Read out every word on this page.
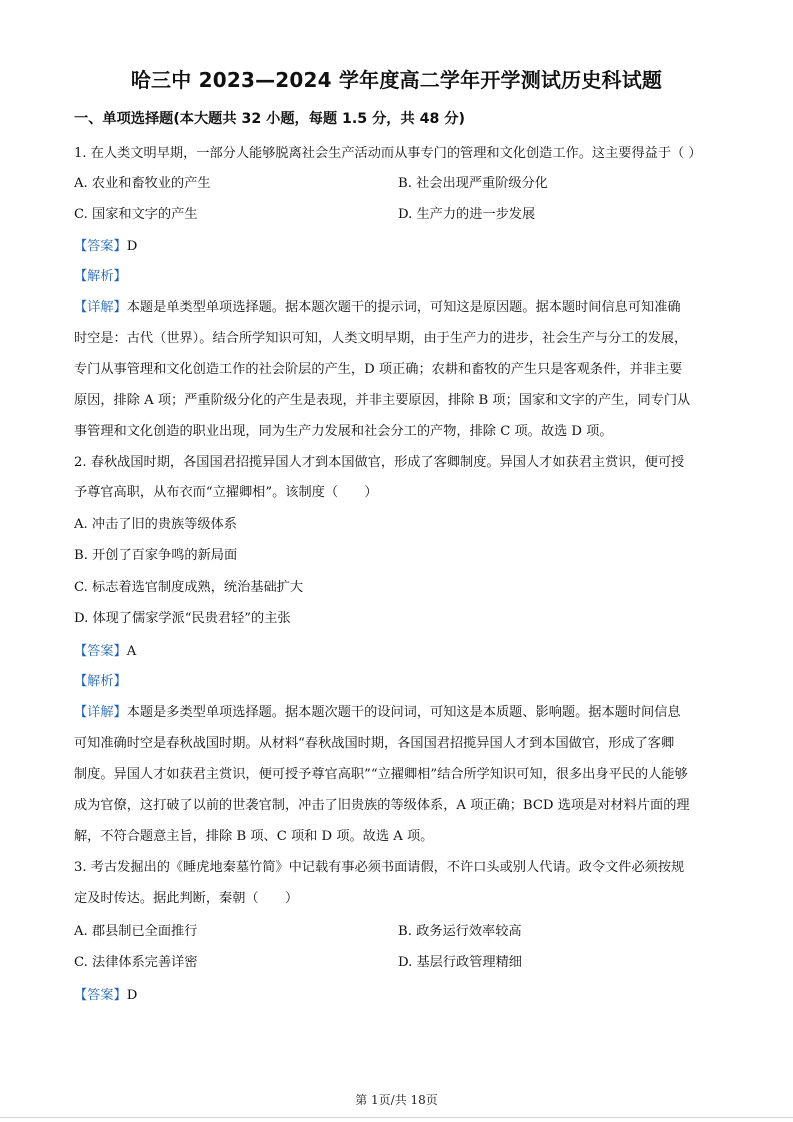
哈三中 2023—2024 学年度高二学年开学测试历史科试题
一、单项选择题(本大题共 32 小题，每题 1.5 分，共 48 分)
1. 在人类文明早期，一部分人能够脱离社会生产活动而从事专门的管理和文化创造工作。这主要得益于（ ）
A. 农业和畜牧业的产生	B. 社会出现严重阶级分化
C. 国家和文字的产生	D. 生产力的进一步发展
【答案】D
【解析】
【详解】本题是单类型单项选择题。据本题次题干的提示词，可知这是原因题。据本题时间信息可知准确
时空是：古代（世界）。结合所学知识可知，人类文明早期，由于生产力的进步，社会生产与分工的发展，
专门从事管理和文化创造工作的社会阶层的产生，D 项正确；农耕和畜牧的产生只是客观条件，并非主要
原因，排除 A 项；严重阶级分化的产生是表现，并非主要原因，排除 B 项；国家和文字的产生，同专门从
事管理和文化创造的职业出现，同为生产力发展和社会分工的产物，排除 C 项。故选 D 项。
2. 春秋战国时期，各国国君招揽异国人才到本国做官，形成了客卿制度。异国人才如获君主赏识，便可授
予尊官高职，从布衣而“立擢卿相”。该制度（　　）
A. 冲击了旧的贵族等级体系
B. 开创了百家争鸣的新局面
C. 标志着选官制度成熟，统治基础扩大
D. 体现了儒家学派“民贵君轻”的主张
【答案】A
【解析】
【详解】本题是多类型单项选择题。据本题次题干的设问词，可知这是本质题、影响题。据本题时间信息
可知准确时空是春秋战国时期。从材料“春秋战国时期，各国国君招揽异国人才到本国做官，形成了客卿
制度。异国人才如获君主赏识，便可授予尊官高职”“立擢卿相”结合所学知识可知，很多出身平民的人能够
成为官僚，这打破了以前的世袭官制，冲击了旧贵族的等级体系，A 项正确；BCD 选项是对材料片面的理
解，不符合题意主旨，排除 B 项、C 项和 D 项。故选 A 项。
3. 考古发掘出的《睡虎地秦墓竹简》中记载有事必须书面请假，不许口头或别人代请。政令文件必须按规
定及时传达。据此判断，秦朝（　　）
A. 郡县制已全面推行	B. 政务运行效率较高
C. 法律体系完善详密	D. 基层行政管理精细
【答案】D
第 1页/共 18页
